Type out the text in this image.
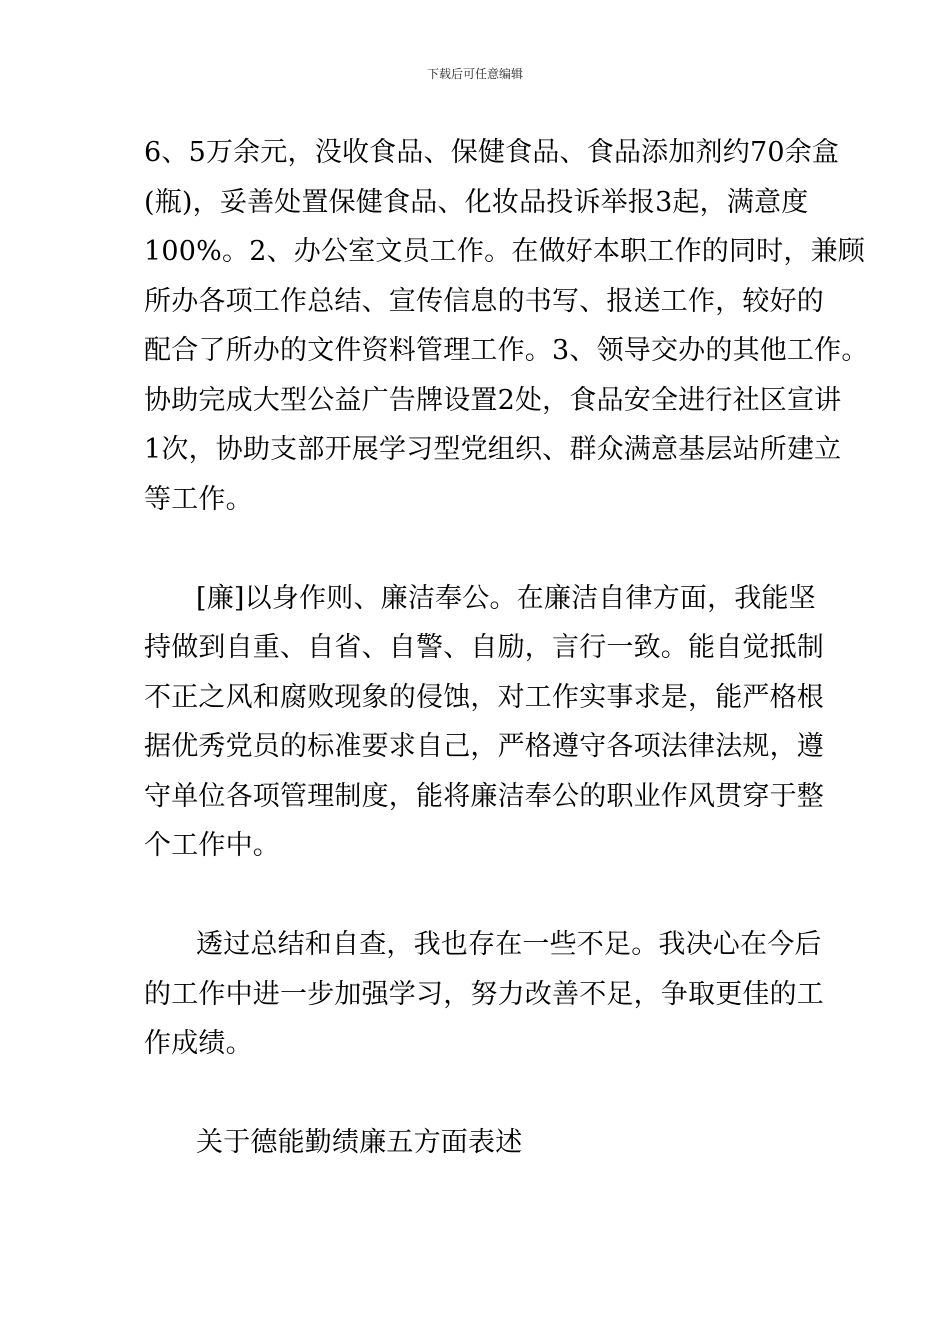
下载后可任意编辑

6、5万余元，没收食品、保健食品、食品添加剂约70余盒

(瓶)，妥善处置保健食品、化妆品投诉举报3起，满意度

100%。2、办公室文员工作。在做好本职工作的同时，兼顾

所办各项工作总结、宣传信息的书写、报送工作，较好的

配合了所办的文件资料管理工作。3、领导交办的其他工作。

协助完成大型公益广告牌设置2处，食品安全进行社区宣讲

1次，协助支部开展学习型党组织、群众满意基层站所建立

等工作。

[廉]以身作则、廉洁奉公。在廉洁自律方面，我能坚

持做到自重、自省、自警、自励，言行一致。能自觉抵制

不正之风和腐败现象的侵蚀，对工作实事求是，能严格根

据优秀党员的标准要求自己，严格遵守各项法律法规，遵

守单位各项管理制度，能将廉洁奉公的职业作风贯穿于整

个工作中。

透过总结和自查，我也存在一些不足。我决心在今后

的工作中进一步加强学习，努力改善不足，争取更佳的工

作成绩。

关于德能勤绩廉五方面表述
